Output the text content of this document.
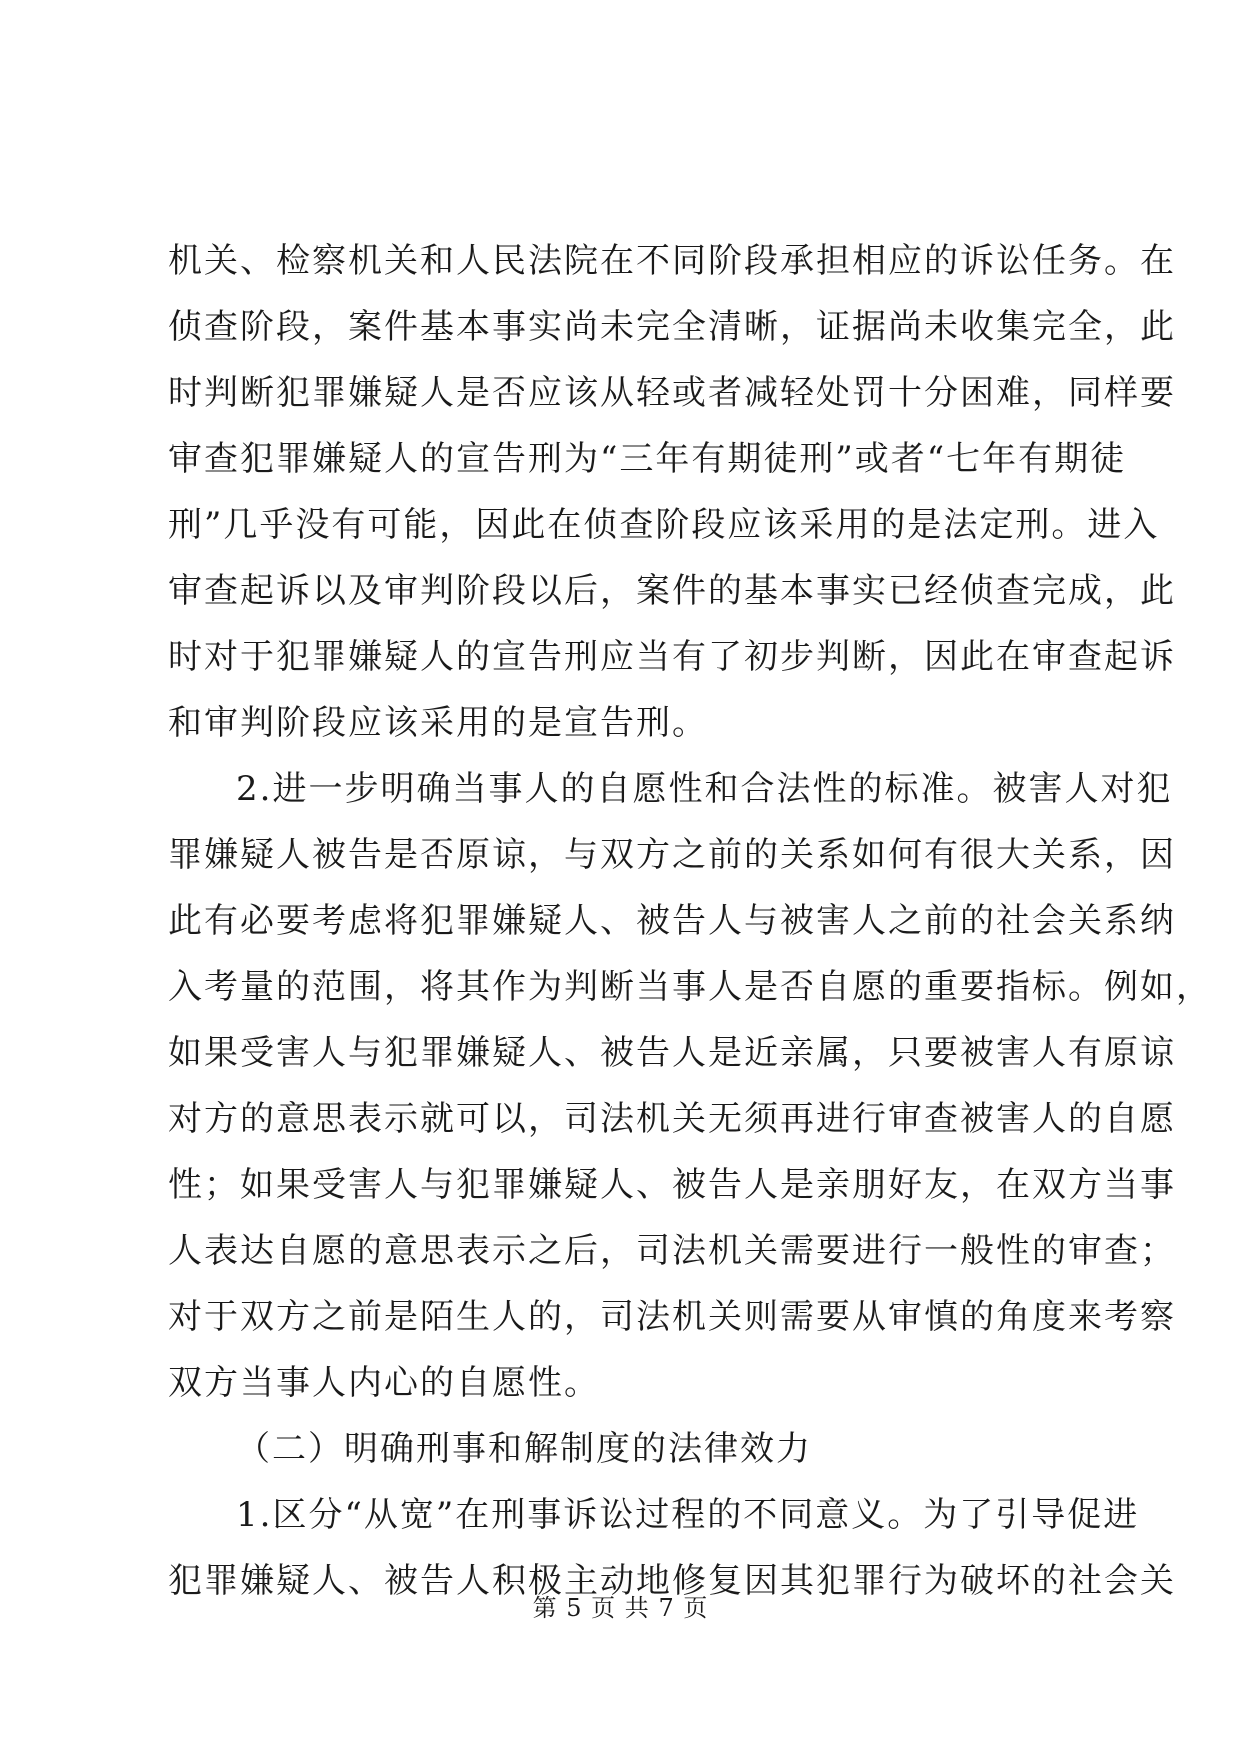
机关、检察机关和人民法院在不同阶段承担相应的诉讼任务。在
侦查阶段，案件基本事实尚未完全清晰，证据尚未收集完全，此
时判断犯罪嫌疑人是否应该从轻或者减轻处罚十分困难，同样要
审查犯罪嫌疑人的宣告刑为“三年有期徒刑”或者“七年有期徒
刑”几乎没有可能，因此在侦查阶段应该采用的是法定刑。进入
审查起诉以及审判阶段以后，案件的基本事实已经侦查完成，此
时对于犯罪嫌疑人的宣告刑应当有了初步判断，因此在审查起诉
和审判阶段应该采用的是宣告刑。
2.进一步明确当事人的自愿性和合法性的标准。被害人对犯
罪嫌疑人被告是否原谅，与双方之前的关系如何有很大关系，因
此有必要考虑将犯罪嫌疑人、被告人与被害人之前的社会关系纳
入考量的范围，将其作为判断当事人是否自愿的重要指标。例如，
如果受害人与犯罪嫌疑人、被告人是近亲属，只要被害人有原谅
对方的意思表示就可以，司法机关无须再进行审查被害人的自愿
性；如果受害人与犯罪嫌疑人、被告人是亲朋好友，在双方当事
人表达自愿的意思表示之后，司法机关需要进行一般性的审查；
对于双方之前是陌生人的，司法机关则需要从审慎的角度来考察
双方当事人内心的自愿性。
（二）明确刑事和解制度的法律效力
1.区分“从宽”在刑事诉讼过程的不同意义。为了引导促进
犯罪嫌疑人、被告人积极主动地修复因其犯罪行为破坏的社会关
第 5 页 共 7 页
